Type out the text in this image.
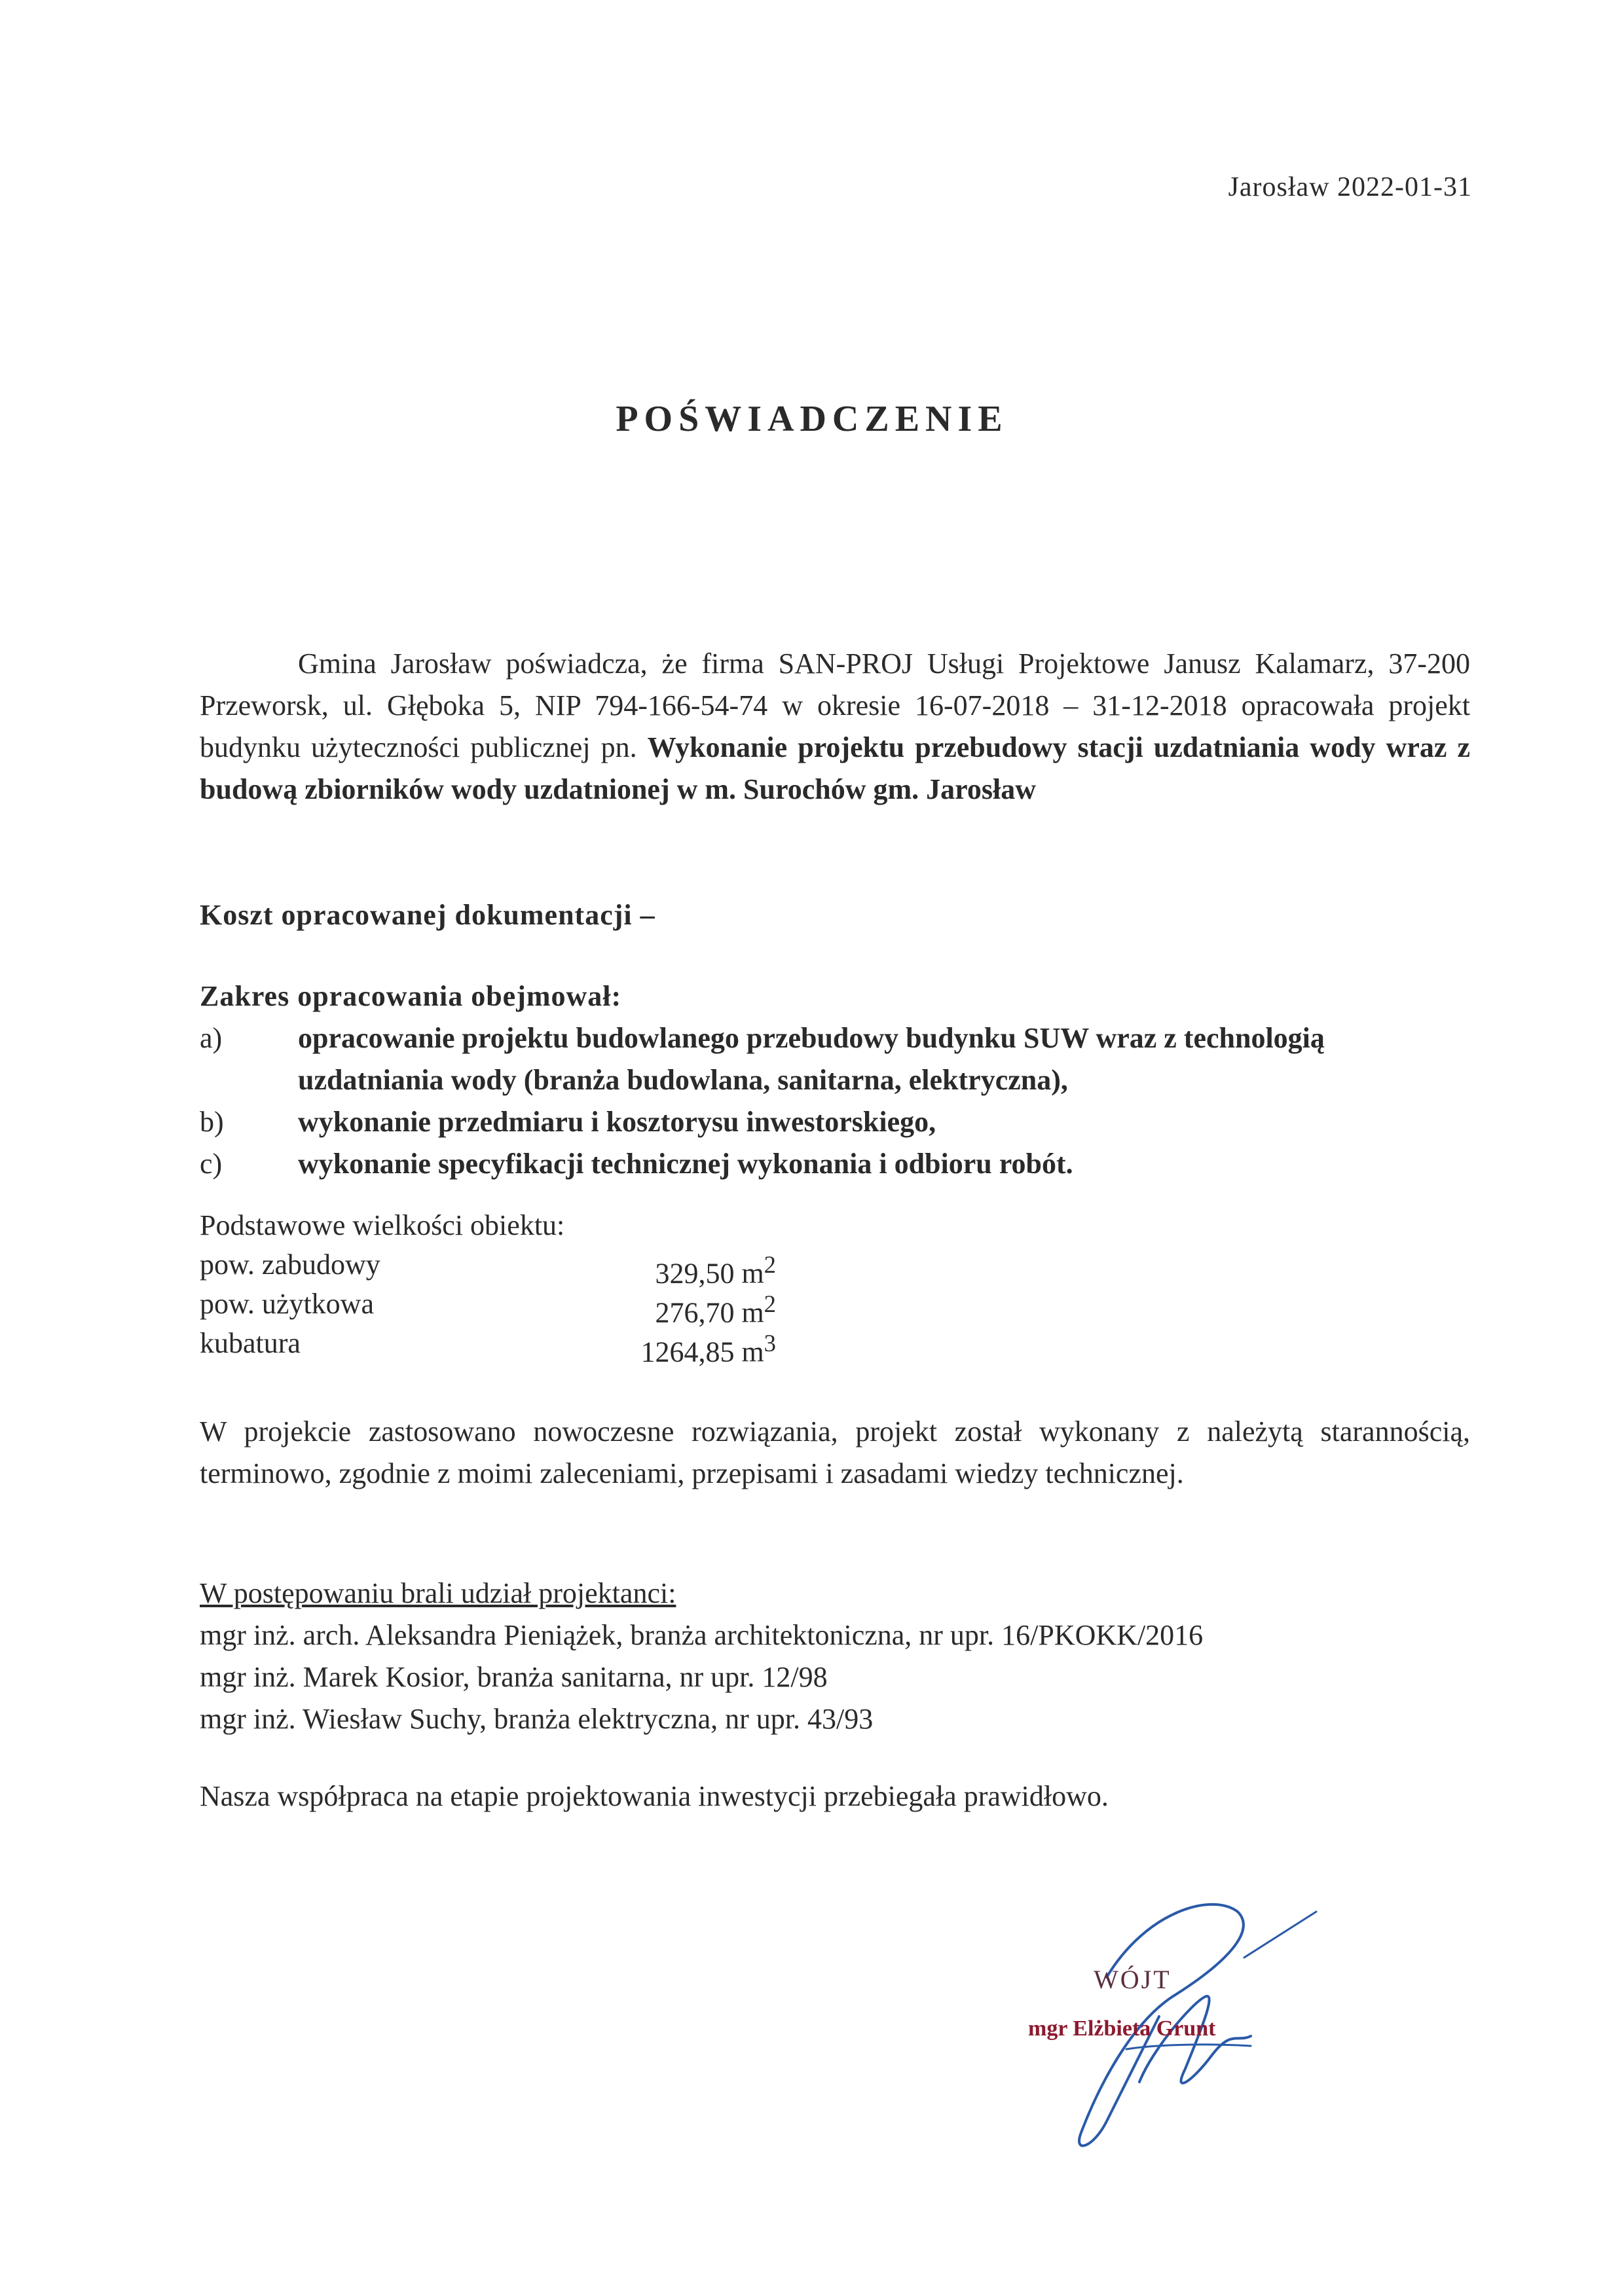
Jarosław 2022-01-31
POŚWIADCZENIE
Gmina Jarosław poświadcza, że firma SAN-PROJ Usługi Projektowe Janusz Kalamarz, 37-200 Przeworsk, ul. Głęboka 5, NIP 794-166-54-74 w okresie 16-07-2018 – 31-12-2018 opracowała projekt budynku użyteczności publicznej pn. Wykonanie projektu przebudowy stacji uzdatniania wody wraz z budową zbiorników wody uzdatnionej w m. Surochów gm. Jarosław
Koszt opracowanej dokumentacji –
Zakres opracowania obejmował:
a)	opracowanie projektu budowlanego przebudowy budynku SUW wraz z technologią uzdatniania wody (branża budowlana, sanitarna, elektryczna),
b)	wykonanie przedmiaru i kosztorysu inwestorskiego,
c)	wykonanie specyfikacji technicznej wykonania i odbioru robót.
Podstawowe wielkości obiektu:
pow. zabudowy	329,50 $m^2$
pow. użytkowa	276,70 $m^2$
kubatura	1264,85 $m^3$
W projekcie zastosowano nowoczesne rozwiązania, projekt został wykonany z należytą starannością, terminowo, zgodnie z moimi zaleceniami, przepisami i zasadami wiedzy technicznej.
W postępowaniu brali udział projektanci:
mgr inż. arch. Aleksandra Pieniążek, branża architektoniczna, nr upr. 16/PKOKK/2016
mgr inż. Marek Kosior, branża sanitarna, nr upr. 12/98
mgr inż. Wiesław Suchy, branża elektryczna, nr upr. 43/93
Nasza współpraca na etapie projektowania inwestycji przebiegała prawidłowo.
WÓJT
mgr Elżbieta Grunt
